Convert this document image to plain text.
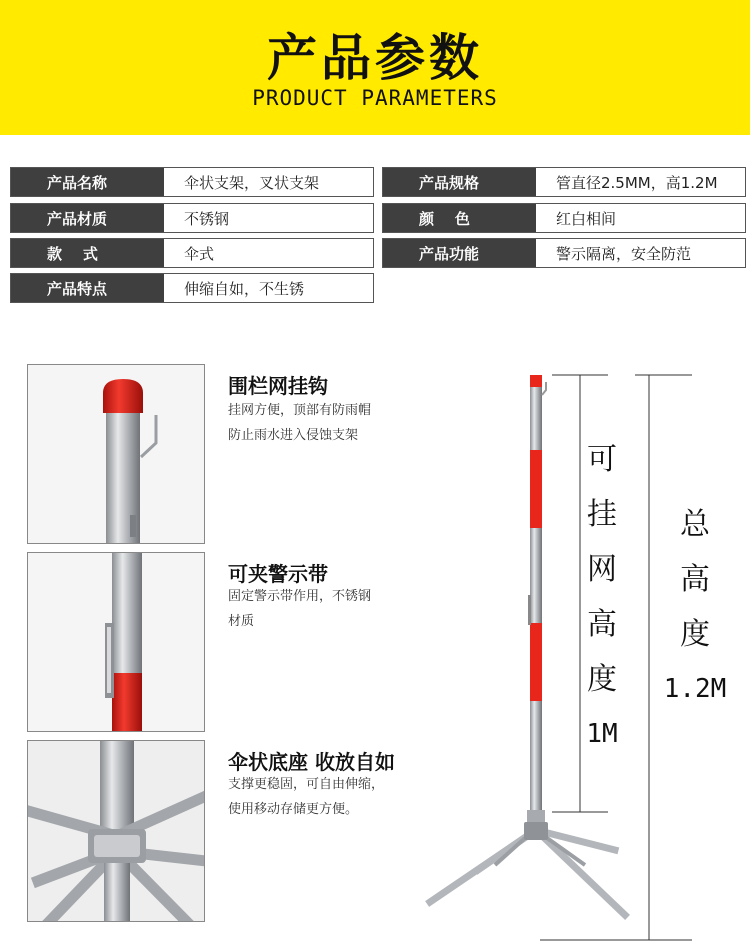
产品参数
PRODUCT PARAMETERS
产品名称	伞状支架，叉状支架
产品材质	不锈钢
款    式	伞式
产品特点	伸缩自如，不生锈
产品规格	管直径2.5MM，高1.2M
颜    色	红白相间
产品功能	警示隔离，安全防范
围栏网挂钩
挂网方便，顶部有防雨帽
防止雨水进入侵蚀支架
可夹警示带
固定警示带作用，不锈钢
材质
伞状底座 收放自如
支撑更稳固，可自由伸缩，
使用移动存储更方便。
可
挂
网
高
度
1M
总
高
度
1.2M
